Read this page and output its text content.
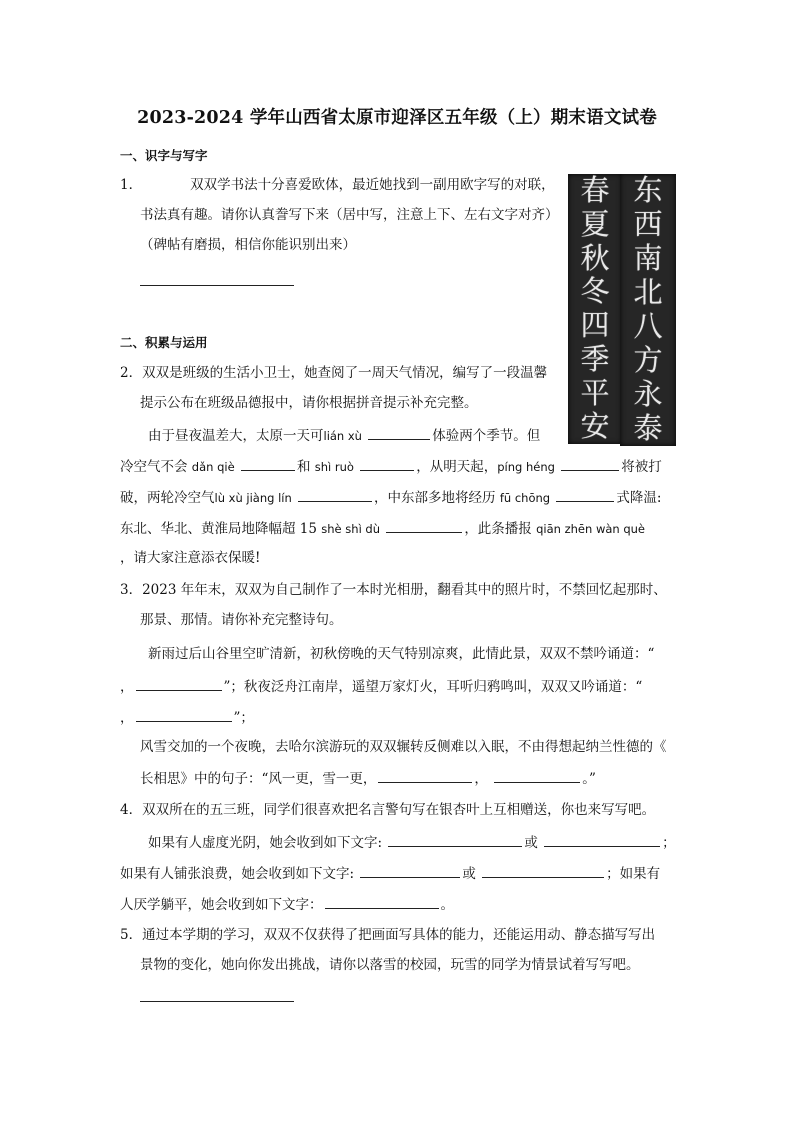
2023-2024 学年山西省太原市迎泽区五年级（上）期末语文试卷
一、识字与写字
1．	双双学书法十分喜爱欧体，最近她找到一副用欧字写的对联，
书法真有趣。请你认真誊写下来（居中写，注意上下、左右文字对齐）
（碑帖有磨损，相信你能识别出来）
春
夏
秋
冬
四
季
平
安
东
西
南
北
八
方
永
泰
二、积累与运用
2．双双是班级的生活小卫士，她查阅了一周天气情况，编写了一段温馨
提示公布在班级品德报中，请你根据拼音提示补充完整。
由于昼夜温差大，太原一天可lián xù	体验两个季节。但
冷空气不会 dǎn qiè	和 shì ruò	，从明天起，píng héng	将被打
破，两轮冷空气lù xù jiàng lín	，中东部多地将经历 fū chōng	式降温:
东北、华北、黄淮局地降幅超 15 shè shì dù	，此条播报 qiān zhēn wàn què
，请大家注意添衣保暖!
3．2023 年年末，双双为自己制作了一本时光相册，翻看其中的照片时，不禁回忆起那时、
那景、那情。请你补充完整诗句。
新雨过后山谷里空旷清新，初秋傍晚的天气特别凉爽，此情此景，双双不禁吟诵道：“
，	”；秋夜泛舟江南岸，遥望万家灯火，耳听归鸦鸣叫，双双又吟诵道：“
，	”；
风雪交加的一个夜晚，去哈尔滨游玩的双双辗转反侧难以入眠，不由得想起纳兰性德的《
长相思》中的句子：“风一更，雪一更，	，	。”
4．双双所在的五三班，同学们很喜欢把名言警句写在银杏叶上互相赠送，你也来写写吧。
如果有人虚度光阴，她会收到如下文字:	或	；
如果有人铺张浪费，她会收到如下文字:	或	；如果有
人厌学躺平，她会收到如下文字：	。
5．通过本学期的学习，双双不仅获得了把画面写具体的能力，还能运用动、静态描写写出
景物的变化，她向你发出挑战，请你以落雪的校园，玩雪的同学为情景试着写写吧。
